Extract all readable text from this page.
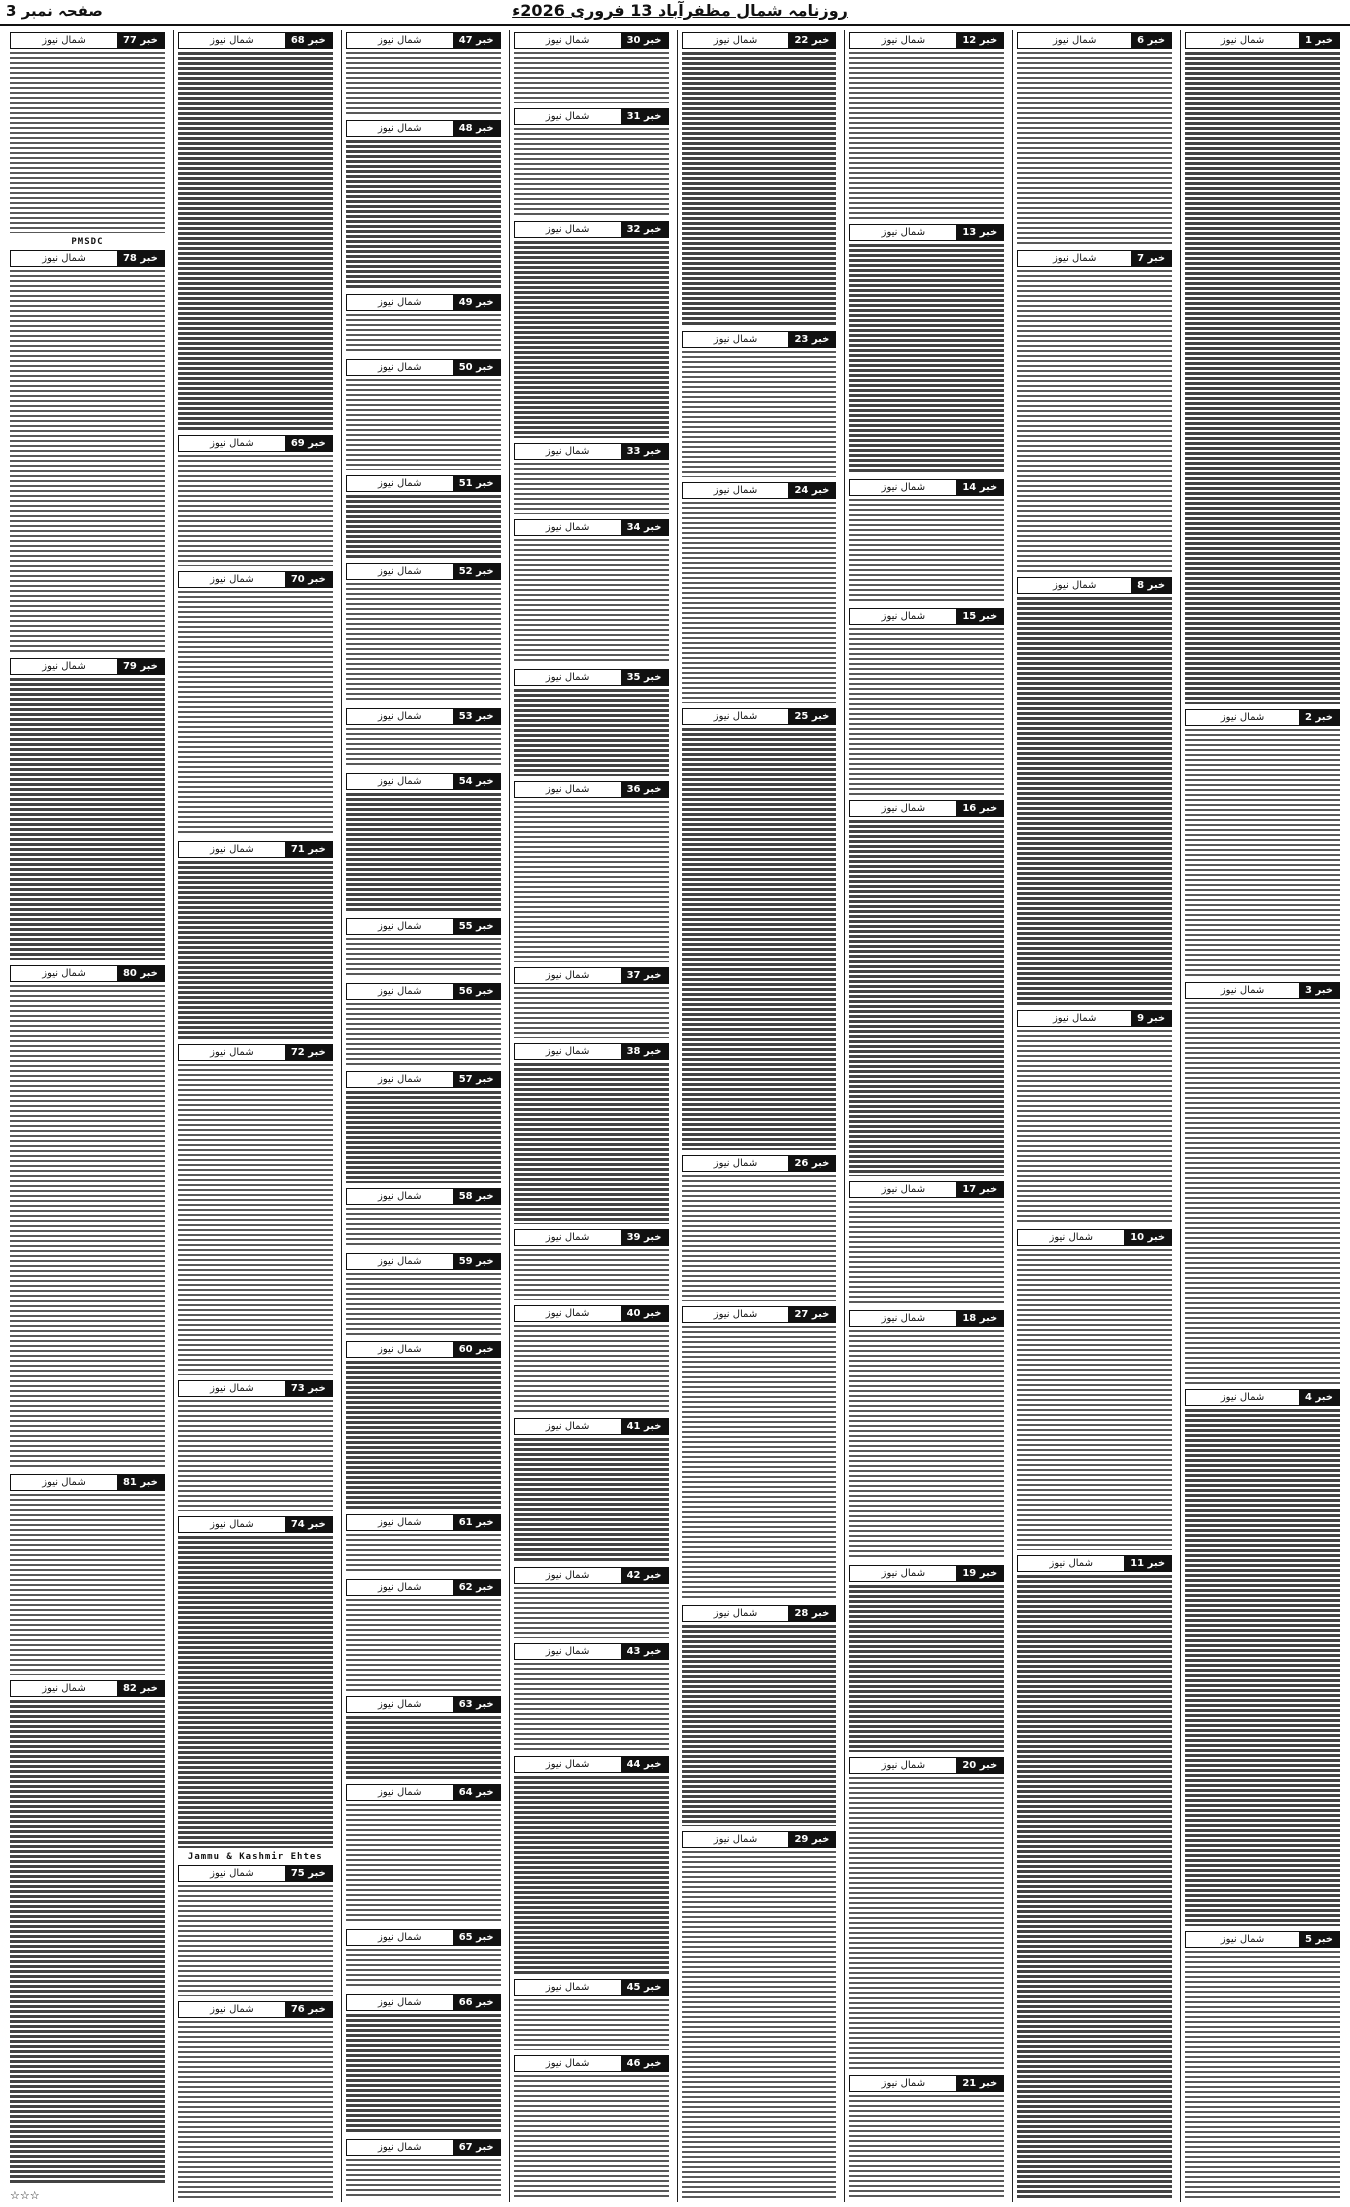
صفحہ نمبر 3	روزنامہ شمال مظفرآباد 13 فروری 2026ء
خبر 1
شمال نیوز
خبر 2
شمال نیوز
خبر 3
شمال نیوز
خبر 4
شمال نیوز
خبر 5
شمال نیوز
خبر 6
شمال نیوز
خبر 7
شمال نیوز
خبر 8
شمال نیوز
خبر 9
شمال نیوز
خبر 10
شمال نیوز
خبر 11
شمال نیوز
خبر 12
شمال نیوز
خبر 13
شمال نیوز
خبر 14
شمال نیوز
خبر 15
شمال نیوز
خبر 16
شمال نیوز
خبر 17
شمال نیوز
خبر 18
شمال نیوز
خبر 19
شمال نیوز
خبر 20
شمال نیوز
خبر 21
شمال نیوز
خبر 22
شمال نیوز
خبر 23
شمال نیوز
خبر 24
شمال نیوز
خبر 25
شمال نیوز
خبر 26
شمال نیوز
خبر 27
شمال نیوز
خبر 28
شمال نیوز
خبر 29
شمال نیوز
خبر 30
شمال نیوز
خبر 31
شمال نیوز
خبر 32
شمال نیوز
خبر 33
شمال نیوز
خبر 34
شمال نیوز
خبر 35
شمال نیوز
خبر 36
شمال نیوز
خبر 37
شمال نیوز
خبر 38
شمال نیوز
خبر 39
شمال نیوز
خبر 40
شمال نیوز
خبر 41
شمال نیوز
خبر 42
شمال نیوز
خبر 43
شمال نیوز
خبر 44
شمال نیوز
خبر 45
شمال نیوز
خبر 46
شمال نیوز
خبر 47
شمال نیوز
خبر 48
شمال نیوز
خبر 49
شمال نیوز
خبر 50
شمال نیوز
خبر 51
شمال نیوز
خبر 52
شمال نیوز
خبر 53
شمال نیوز
خبر 54
شمال نیوز
خبر 55
شمال نیوز
خبر 56
شمال نیوز
خبر 57
شمال نیوز
خبر 58
شمال نیوز
خبر 59
شمال نیوز
خبر 60
شمال نیوز
خبر 61
شمال نیوز
خبر 62
شمال نیوز
خبر 63
شمال نیوز
خبر 64
شمال نیوز
خبر 65
شمال نیوز
خبر 66
شمال نیوز
خبر 67
شمال نیوز
خبر 68
شمال نیوز
خبر 69
شمال نیوز
خبر 70
شمال نیوز
خبر 71
شمال نیوز
خبر 72
شمال نیوز
خبر 73
شمال نیوز
خبر 74
شمال نیوز
Jammu & Kashmir Ehtes
خبر 75
شمال نیوز
خبر 76
شمال نیوز
خبر 77
شمال نیوز
PMSDC
خبر 78
شمال نیوز
خبر 79
شمال نیوز
خبر 80
شمال نیوز
خبر 81
شمال نیوز
خبر 82
شمال نیوز
☆☆☆
